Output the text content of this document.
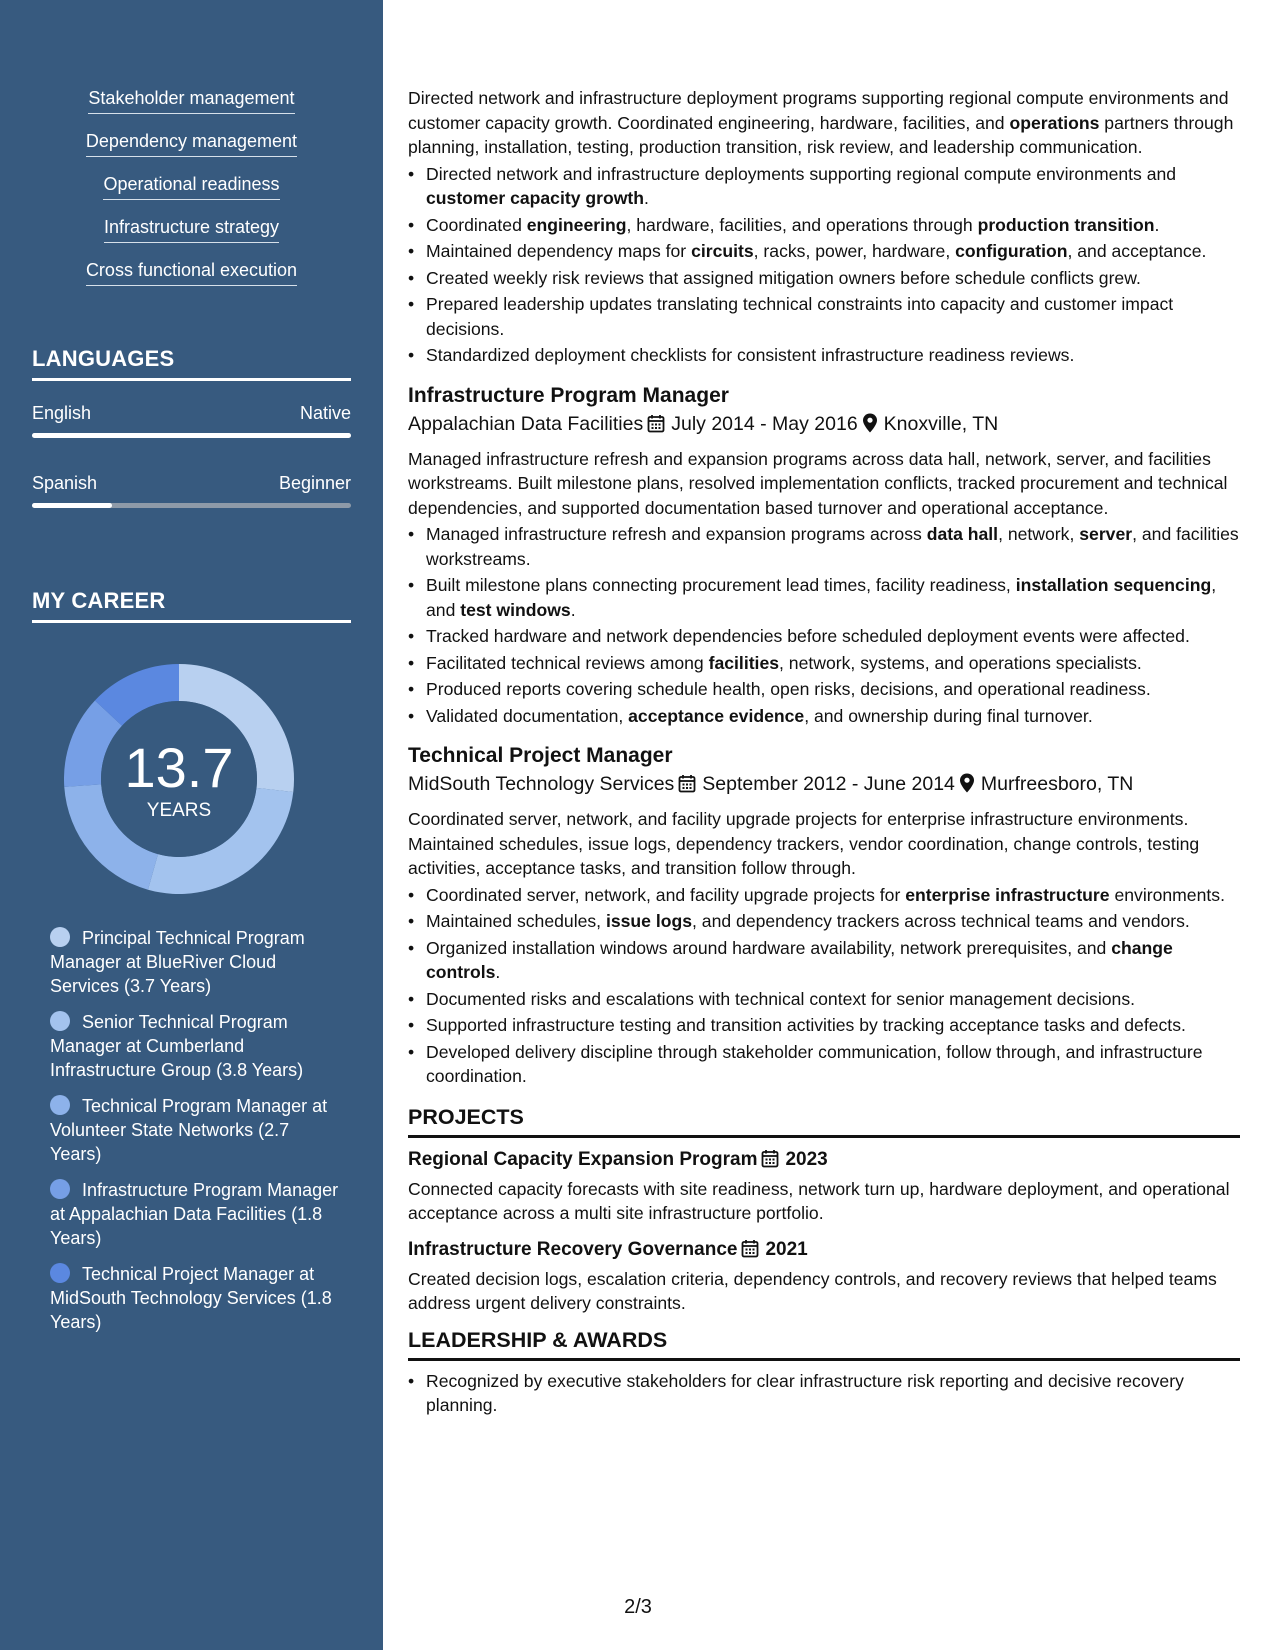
Stakeholder management
Dependency management
Operational readiness
Infrastructure strategy
Cross functional execution
LANGUAGES
English	Native
Spanish	Beginner
MY CAREER
13.7
YEARS
Principal Technical Program Manager at BlueRiver Cloud Services (3.7 Years)
Senior Technical Program Manager at Cumberland Infrastructure Group (3.8 Years)
Technical Program Manager at Volunteer State Networks (2.7 Years)
Infrastructure Program Manager at Appalachian Data Facilities (1.8 Years)
Technical Project Manager at MidSouth Technology Services (1.8 Years)
Directed network and infrastructure deployment programs supporting regional compute environments and customer capacity growth. Coordinated engineering, hardware, facilities, and operations partners through planning, installation, testing, production transition, risk review, and leadership communication.
• Directed network and infrastructure deployments supporting regional compute environments and customer capacity growth.
• Coordinated engineering, hardware, facilities, and operations through production transition.
• Maintained dependency maps for circuits, racks, power, hardware, configuration, and acceptance.
• Created weekly risk reviews that assigned mitigation owners before schedule conflicts grew.
• Prepared leadership updates translating technical constraints into capacity and customer impact decisions.
• Standardized deployment checklists for consistent infrastructure readiness reviews.
Infrastructure Program Manager
Appalachian Data Facilities July 2014 - May 2016 Knoxville, TN
Managed infrastructure refresh and expansion programs across data hall, network, server, and facilities workstreams. Built milestone plans, resolved implementation conflicts, tracked procurement and technical dependencies, and supported documentation based turnover and operational acceptance.
• Managed infrastructure refresh and expansion programs across data hall, network, server, and facilities workstreams.
• Built milestone plans connecting procurement lead times, facility readiness, installation sequencing, and test windows.
• Tracked hardware and network dependencies before scheduled deployment events were affected.
• Facilitated technical reviews among facilities, network, systems, and operations specialists.
• Produced reports covering schedule health, open risks, decisions, and operational readiness.
• Validated documentation, acceptance evidence, and ownership during final turnover.
Technical Project Manager
MidSouth Technology Services September 2012 - June 2014 Murfreesboro, TN
Coordinated server, network, and facility upgrade projects for enterprise infrastructure environments. Maintained schedules, issue logs, dependency trackers, vendor coordination, change controls, testing activities, acceptance tasks, and transition follow through.
• Coordinated server, network, and facility upgrade projects for enterprise infrastructure environments.
• Maintained schedules, issue logs, and dependency trackers across technical teams and vendors.
• Organized installation windows around hardware availability, network prerequisites, and change controls.
• Documented risks and escalations with technical context for senior management decisions.
• Supported infrastructure testing and transition activities by tracking acceptance tasks and defects.
• Developed delivery discipline through stakeholder communication, follow through, and infrastructure coordination.
PROJECTS
Regional Capacity Expansion Program 2023
Connected capacity forecasts with site readiness, network turn up, hardware deployment, and operational acceptance across a multi site infrastructure portfolio.
Infrastructure Recovery Governance 2021
Created decision logs, escalation criteria, dependency controls, and recovery reviews that helped teams address urgent delivery constraints.
LEADERSHIP & AWARDS
• Recognized by executive stakeholders for clear infrastructure risk reporting and decisive recovery planning.
2/3
